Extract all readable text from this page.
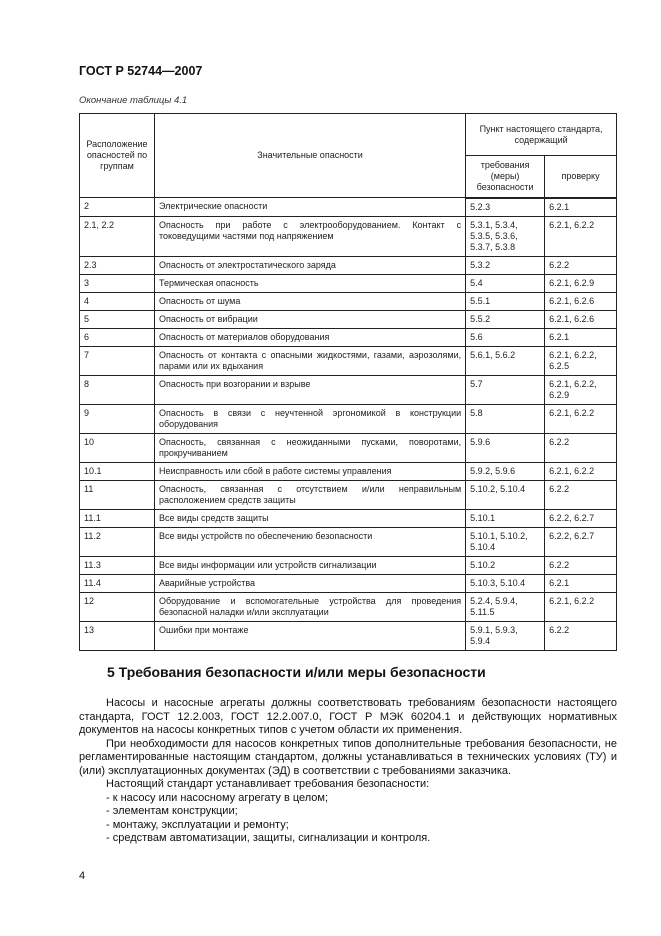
ГОСТ Р 52744—2007
Окончание таблицы 4.1
Расположение опасностей по группам	Значительные опасности	Пункт настоящего стандарта, содержащий	
		требования (меры) безопасности	проверку
2	Электрические опасности	5.2.3	6.2.1
2.1, 2.2	Опасность при работе с электрооборудованием. Контакт с токоведущими частями под напряжением	5.3.1, 5.3.4, 5.3.5, 5.3.6, 5.3.7, 5.3.8	6.2.1, 6.2.2
2.3	Опасность от электростатического заряда	5.3.2	6.2.2
3	Термическая опасность	5.4	6.2.1, 6.2.9
4	Опасность от шума	5.5.1	6.2.1, 6.2.6
5	Опасность от вибрации	5.5.2	6.2.1, 6.2.6
6	Опасность от материалов оборудования	5.6	6.2.1
7	Опасность от контакта с опасными жидкостями, газами, аэрозолями, парами или их вдыхания	5.6.1, 5.6.2	6.2.1, 6.2.2, 6.2.5
8	Опасность при возгорании и взрыве	5.7	6.2.1, 6.2.2, 6.2.9
9	Опасность в связи с неучтенной эргономикой в конструкции оборудования	5.8	6.2.1, 6.2.2
10	Опасность, связанная с неожиданными пусками, поворотами, прокручиванием	5.9.6	6.2.2
10.1	Неисправность или сбой в работе системы управления	5.9.2, 5.9.6	6.2.1, 6.2.2
11	Опасность, связанная с отсутствием и/или неправильным расположением средств защиты	5.10.2, 5.10.4	6.2.2
11.1	Все виды средств защиты	5.10.1	6.2.2, 6.2.7
11.2	Все виды устройств по обеспечению безопасности	5.10.1, 5.10.2, 5.10.4	6.2.2, 6.2.7
11.3	Все виды информации или устройств сигнализации	5.10.2	6.2.2
11.4	Аварийные устройства	5.10.3, 5.10.4	6.2.1
12	Оборудование и вспомогательные устройства для проведения безопасной наладки и/или эксплуатации	5.2.4, 5.9.4, 5.11.5	6.2.1, 6.2.2
13	Ошибки при монтаже	5.9.1, 5.9.3, 5.9.4	6.2.2
5 Требования безопасности и/или меры безопасности

Насосы и насосные агрегаты должны соответствовать требованиям безопасности настоящего стандарта, ГОСТ 12.2.003, ГОСТ 12.2.007.0, ГОСТ Р МЭК 60204.1 и действующих нормативных документов на насосы конкретных типов с учетом области их применения.

При необходимости для насосов конкретных типов дополнительные требования безопасности, не регламентированные настоящим стандартом, должны устанавливаться в технических условиях (ТУ) и (или) эксплуатационных документах (ЭД) в соответствии с требованиями заказчика.

Настоящий стандарт устанавливает требования безопасности:

- к насосу или насосному агрегату в целом;
- элементам конструкции;
- монтажу, эксплуатации и ремонту;
- средствам автоматизации, защиты, сигнализации и контроля.
4
